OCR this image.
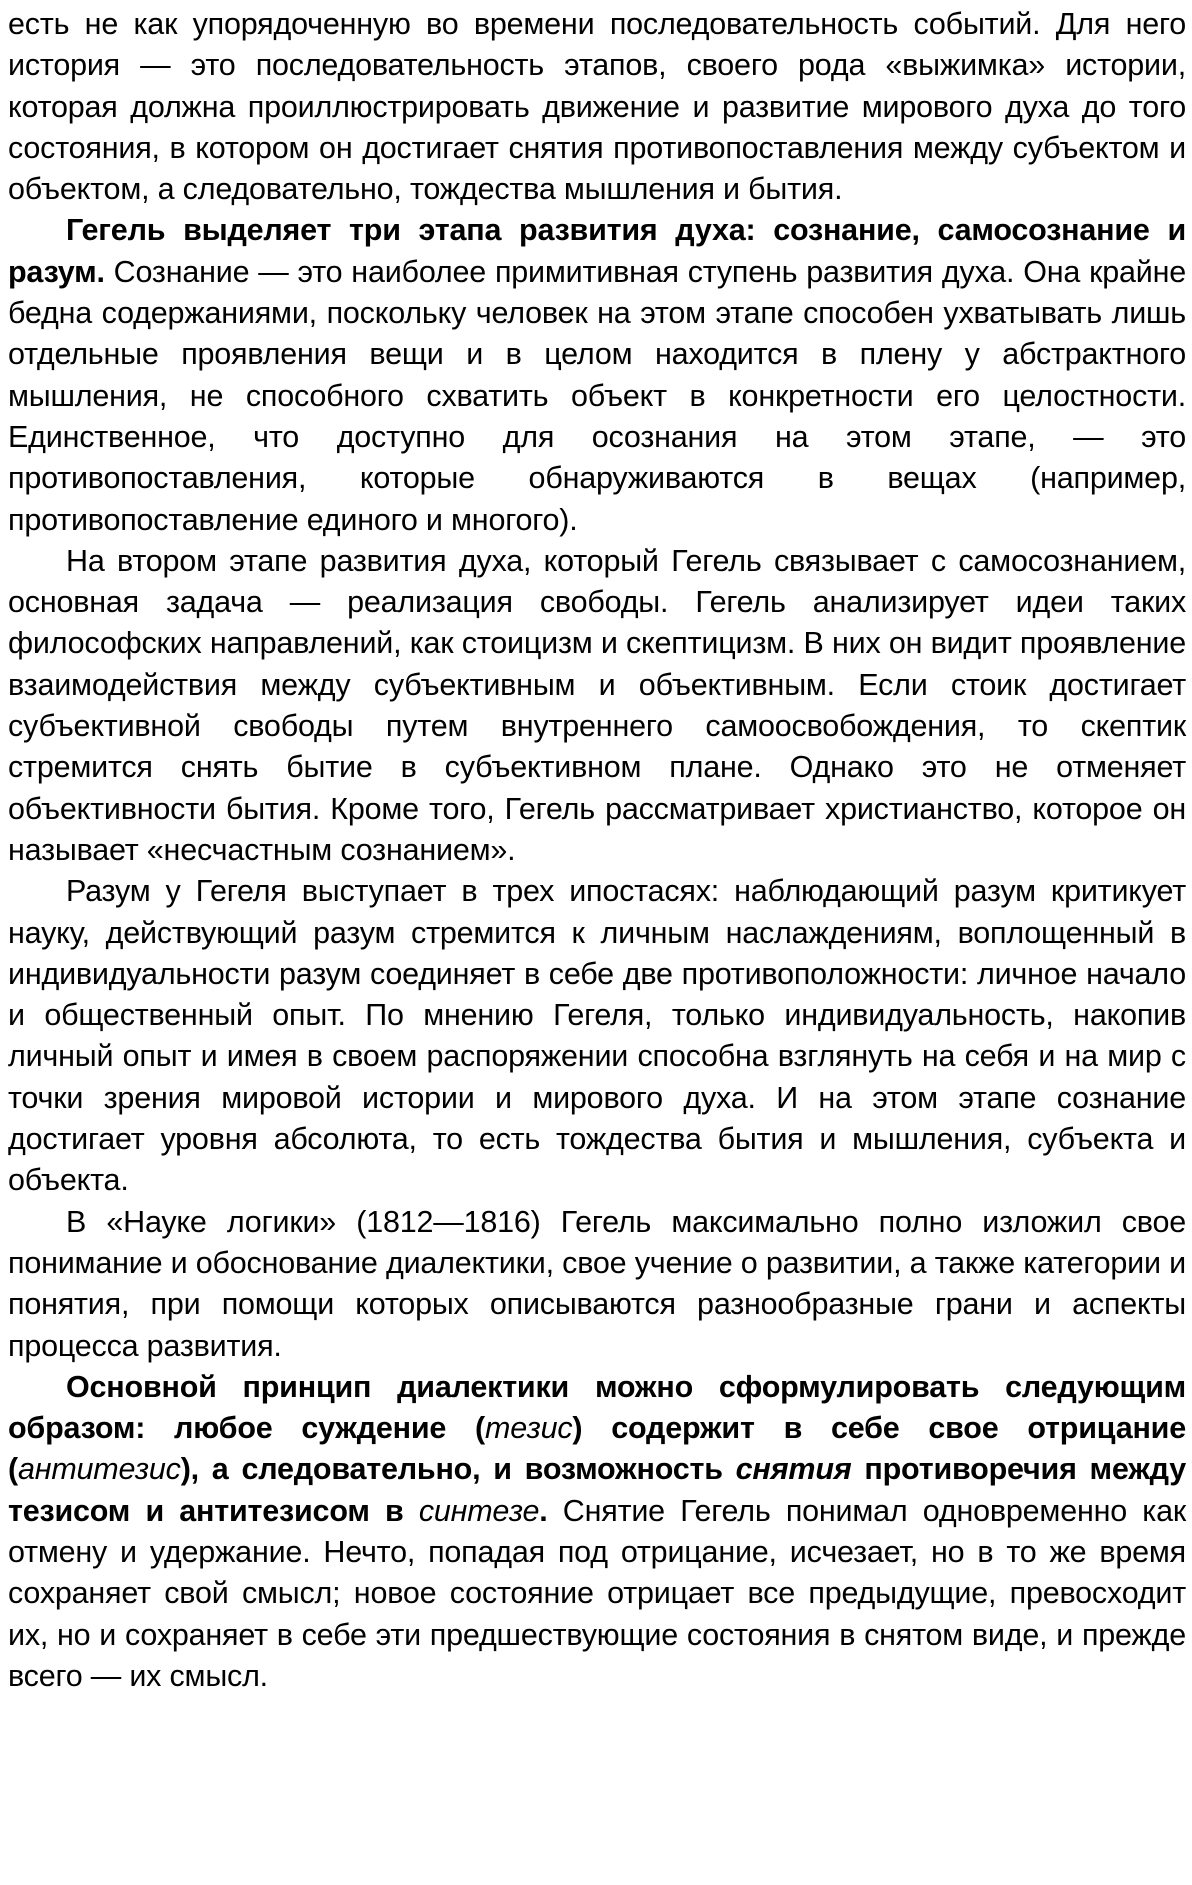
есть не как упорядоченную во времени последовательность событий. Для него история — это последовательность этапов, своего рода «выжимка» истории, которая должна проиллюстрировать движение и развитие мирового духа до того состояния, в котором он достигает снятия противопоставления между субъектом и объектом, а следовательно, тождества мышления и бытия.

Гегель выделяет три этапа развития духа: сознание, самосознание и разум. Сознание — это наиболее примитивная ступень развития духа. Она крайне бедна содержаниями, поскольку человек на этом этапе способен ухватывать лишь отдельные проявления вещи и в целом находится в плену у абстрактного мышления, не способного схватить объект в конкретности его целостности. Единственное, что доступно для осознания на этом этапе, — это противопоставления, которые обнаруживаются в вещах (например, противопоставление единого и многого).

На втором этапе развития духа, который Гегель связывает с самосознанием, основная задача — реализация свободы. Гегель анализирует идеи таких философских направлений, как стоицизм и скептицизм. В них он видит проявление взаимодействия между субъективным и объективным. Если стоик достигает субъективной свободы путем внутреннего самоосвобождения, то скептик стремится снять бытие в субъективном плане. Однако это не отменяет объективности бытия. Кроме того, Гегель рассматривает христианство, которое он называет «несчастным сознанием».

Разум у Гегеля выступает в трех ипостасях: наблюдающий разум критикует науку, действующий разум стремится к личным наслаждениям, воплощенный в индивидуальности разум соединяет в себе две противоположности: личное начало и общественный опыт. По мнению Гегеля, только индивидуальность, накопив личный опыт и имея в своем распоряжении способна взглянуть на себя и на мир с точки зрения мировой истории и мирового духа. И на этом этапе сознание достигает уровня абсолюта, то есть тождества бытия и мышления, субъекта и объекта.

В «Науке логики» (1812—1816) Гегель максимально полно изложил свое понимание и обоснование диалектики, свое учение о развитии, а также категории и понятия, при помощи которых описываются разнообразные грани и аспекты процесса развития.

Основной принцип диалектики можно сформулировать следующим образом: любое суждение (тезис) содержит в себе свое отрицание (антитезис), а следовательно, и возможность снятия противоречия между тезисом и антитезисом в синтезе. Снятие Гегель понимал одновременно как отмену и удержание. Нечто, попадая под отрицание, исчезает, но в то же время сохраняет свой смысл; новое состояние отрицает все предыдущие, превосходит их, но и сохраняет в себе эти предшествующие состояния в снятом виде, и прежде всего — их смысл.
